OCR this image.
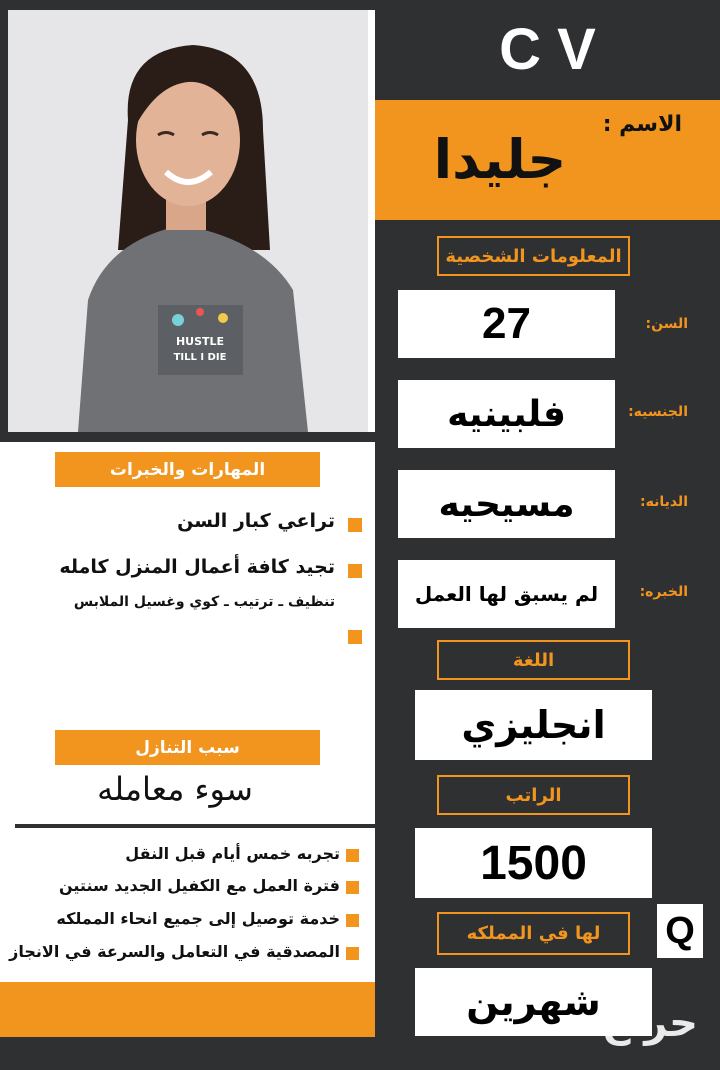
HUSTLE
TILL I DIE
المهارات والخبرات
تراعي كبار السن
تجيد كافة أعمال المنزل كامله
تنظيف ـ ترتيب ـ كوي وغسيل الملابس
سبب التنازل
سوء معامله
تجربه خمس أيام قبل النقل
فترة العمل مع الكفيل الجديد سنتين
خدمة توصيل إلى جميع انحاء المملكه
المصدقية في التعامل والسرعة في الانجاز
C V
الاسم :
جليدا
المعلومات الشخصية
27	السن:
فلبينيه	الجنسيه:
مسيحيه	الديانه:
لم يسبق لها العمل	الخبره:
اللغة
انجليزي
الراتب
1500
لها في المملكه	Q
شهرين حراج
